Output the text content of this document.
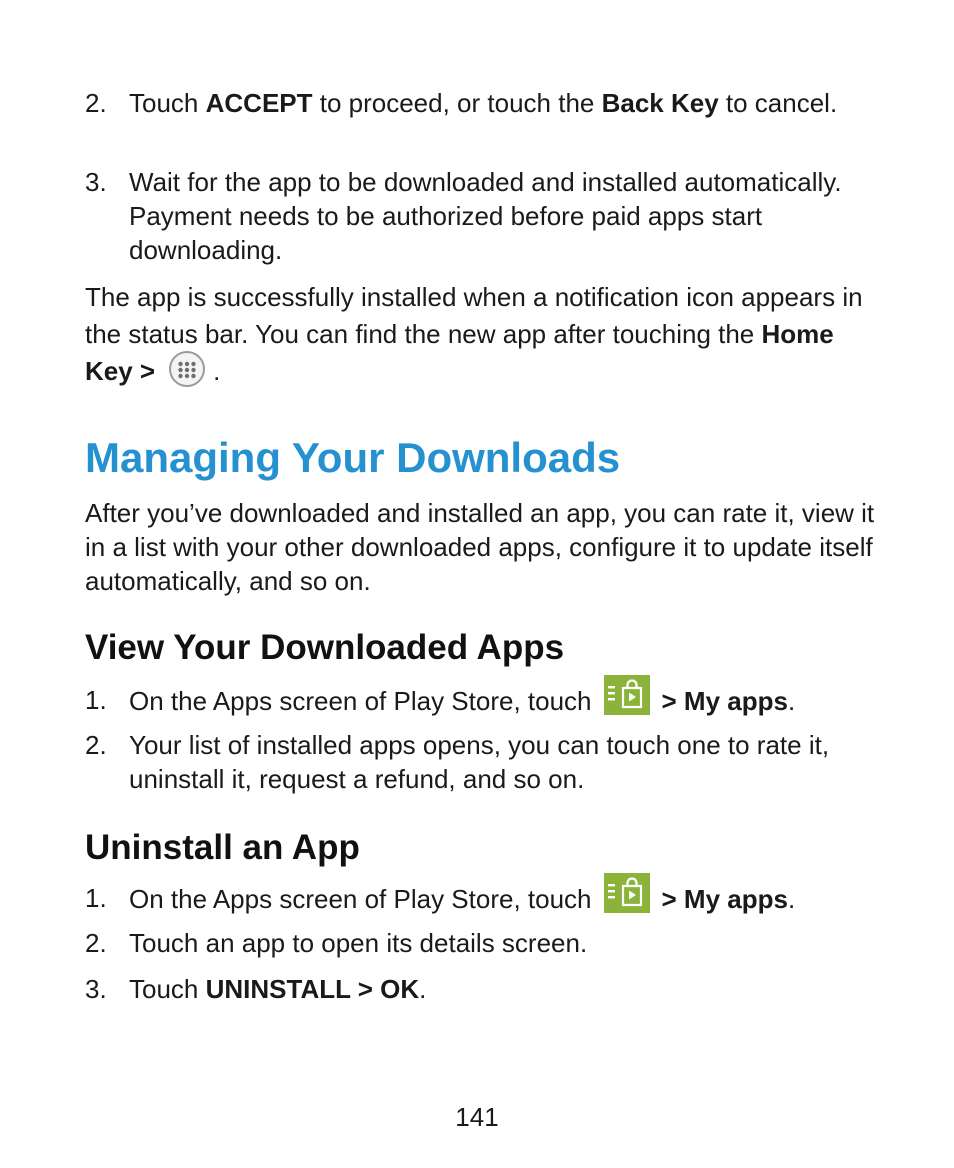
2. Touch ACCEPT to proceed, or touch the Back Key to cancel.
3. Wait for the app to be downloaded and installed automatically. Payment needs to be authorized before paid apps start downloading.
The app is successfully installed when a notification icon appears in the status bar. You can find the new app after touching the Home Key > .
Managing Your Downloads
After you’ve downloaded and installed an app, you can rate it, view it in a list with your other downloaded apps, configure it to update itself automatically, and so on.
View Your Downloaded Apps
1. On the Apps screen of Play Store, touch	> My apps.
2. Your list of installed apps opens, you can touch one to rate it, uninstall it, request a refund, and so on.
Uninstall an App
1. On the Apps screen of Play Store, touch	> My apps.
2. Touch an app to open its details screen.
3. Touch UNINSTALL > OK.
141
